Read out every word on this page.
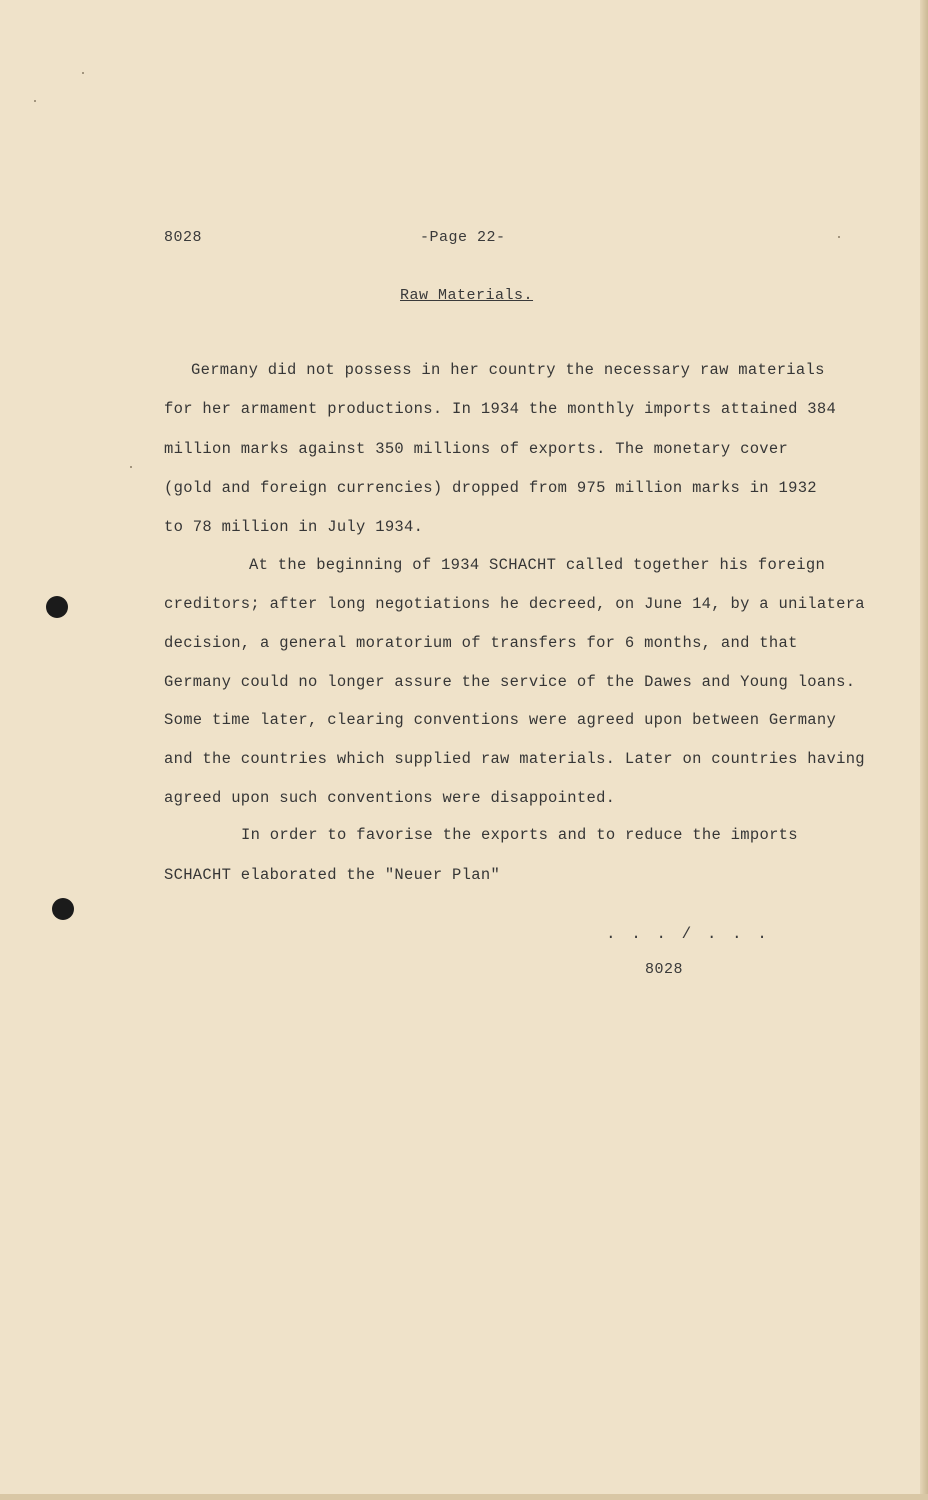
8028	-Page 22-
Raw Materials.
Germany did not possess in her country the necessary raw materials
for her armament productions. In 1934 the monthly imports attained 384
million marks against 350 millions of exports. The monetary cover
(gold and foreign currencies) dropped from 975 million marks in 1932
to 78 million in July 1934.
At the beginning of 1934 SCHACHT called together his foreign
creditors; after long negotiations he decreed, on June 14, by a unilatera
decision, a general moratorium of transfers for 6 months, and that
Germany could no longer assure the service of the Dawes and Young loans.
Some time later, clearing conventions were agreed upon between Germany
and the countries which supplied raw materials. Later on countries having
agreed upon such conventions were disappointed.
In order to favorise the exports and to reduce the imports
SCHACHT elaborated the "Neuer Plan"
. . . / . . .
8028
